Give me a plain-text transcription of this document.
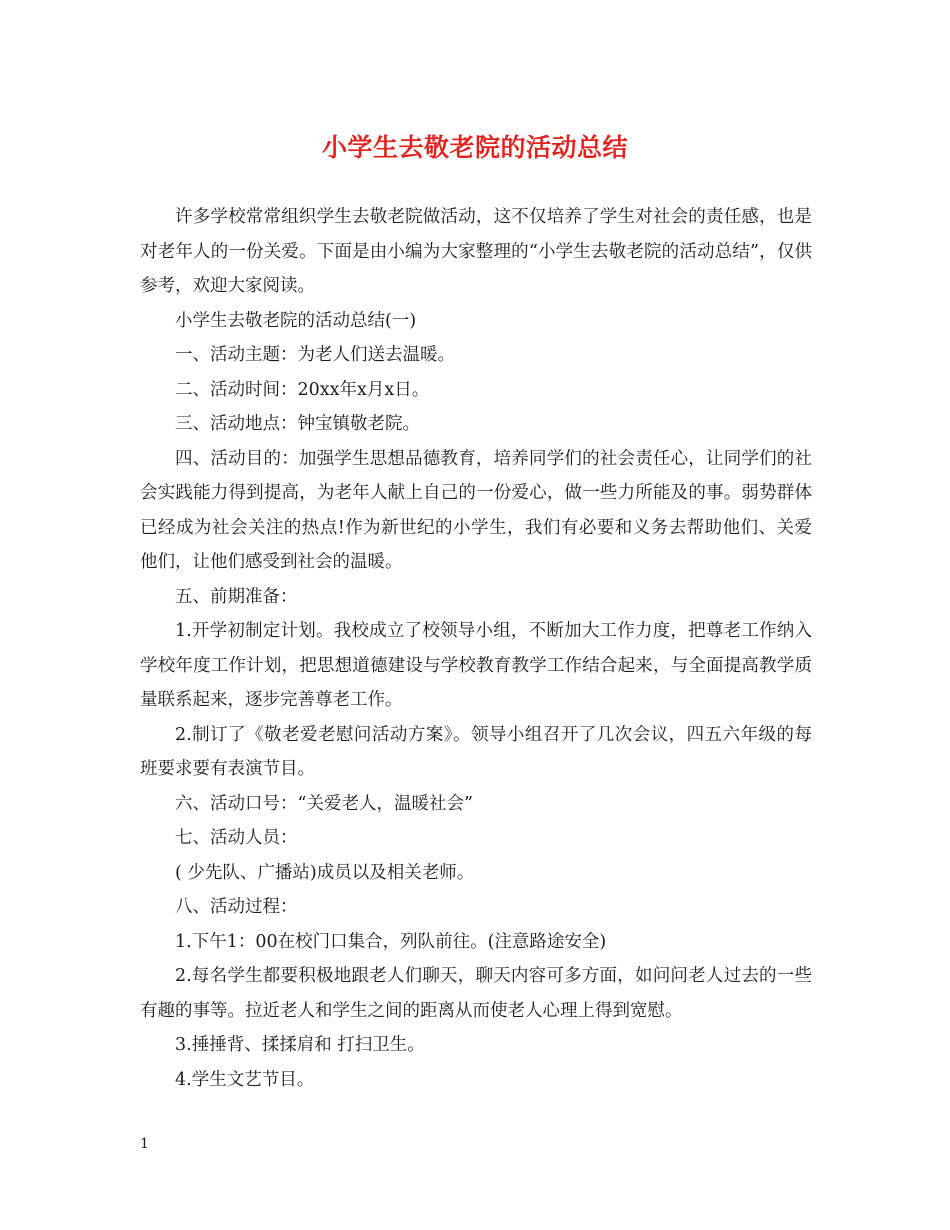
小学生去敬老院的活动总结

许多学校常常组织学生去敬老院做活动，这不仅培养了学生对社会的责任感，也是对老年人的一份关爱。下面是由小编为大家整理的“小学生去敬老院的活动总结”，仅供参考，欢迎大家阅读。

小学生去敬老院的活动总结(一)

一、活动主题：为老人们送去温暖。

二、活动时间：20xx年x月x日。

三、活动地点：钟宝镇敬老院。

四、活动目的：加强学生思想品德教育，培养同学们的社会责任心，让同学们的社会实践能力得到提高，为老年人献上自己的一份爱心，做一些力所能及的事。弱势群体已经成为社会关注的热点!作为新世纪的小学生，我们有必要和义务去帮助他们、关爱他们，让他们感受到社会的温暖。

五、前期准备：

1.开学初制定计划。我校成立了校领导小组，不断加大工作力度，把尊老工作纳入学校年度工作计划，把思想道德建设与学校教育教学工作结合起来，与全面提高教学质量联系起来，逐步完善尊老工作。

2.制订了《敬老爱老慰问活动方案》。领导小组召开了几次会议，四五六年级的每班要求要有表演节目。

六、活动口号：“关爱老人，温暖社会”

七、活动人员：

( 少先队、广播站)成员以及相关老师。

八、活动过程：

1.下午1：00在校门口集合，列队前往。(注意路途安全)

2.每名学生都要积极地跟老人们聊天，聊天内容可多方面，如问问老人过去的一些有趣的事等。拉近老人和学生之间的距离从而使老人心理上得到宽慰。

3.捶捶背、揉揉肩和 打扫卫生。

4.学生文艺节目。

1
